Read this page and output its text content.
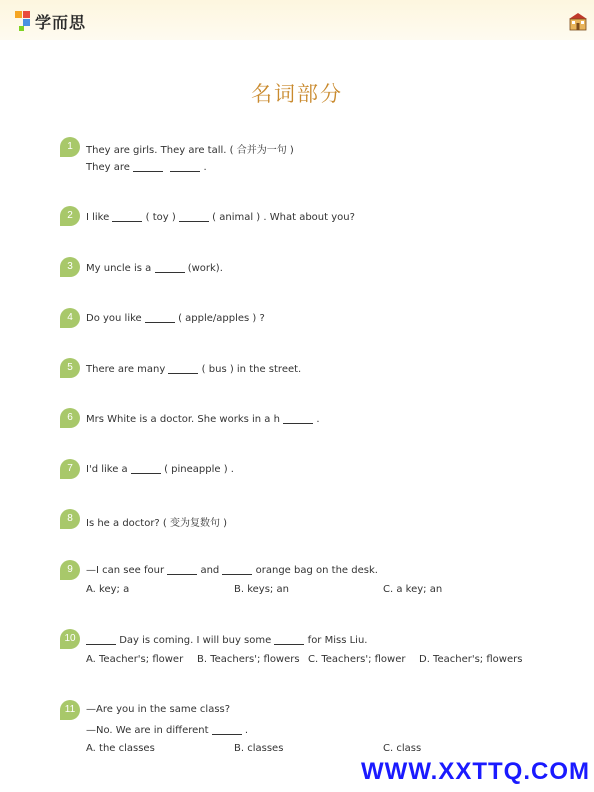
学而思
名词部分
1	They are girls. They are tall. ( 合并为一句 )
They are	.
2	I like	( toy )	( animal ) . What about you?
3	My uncle is a	(work).
4	Do you like	( apple/apples ) ?
5	There are many	( bus ) in the street.
6	Mrs White is a doctor. She works in a h	.
7	I'd like a	( pineapple ) .
8	Is he a doctor? ( 变为复数句 )
9	—I can see four	and	orange bag on the desk.
A. key; a	B. keys; an	C. a key; an
10	Day is coming. I will buy some	for Miss Liu.
A. Teacher's; flower B. Teachers'; flowers C. Teachers'; flower D. Teacher's; flowers
11	—Are you in the same class?
—No. We are in different	.
A. the classes	B. classes	C. class
WWW.XXTTQ.COM
